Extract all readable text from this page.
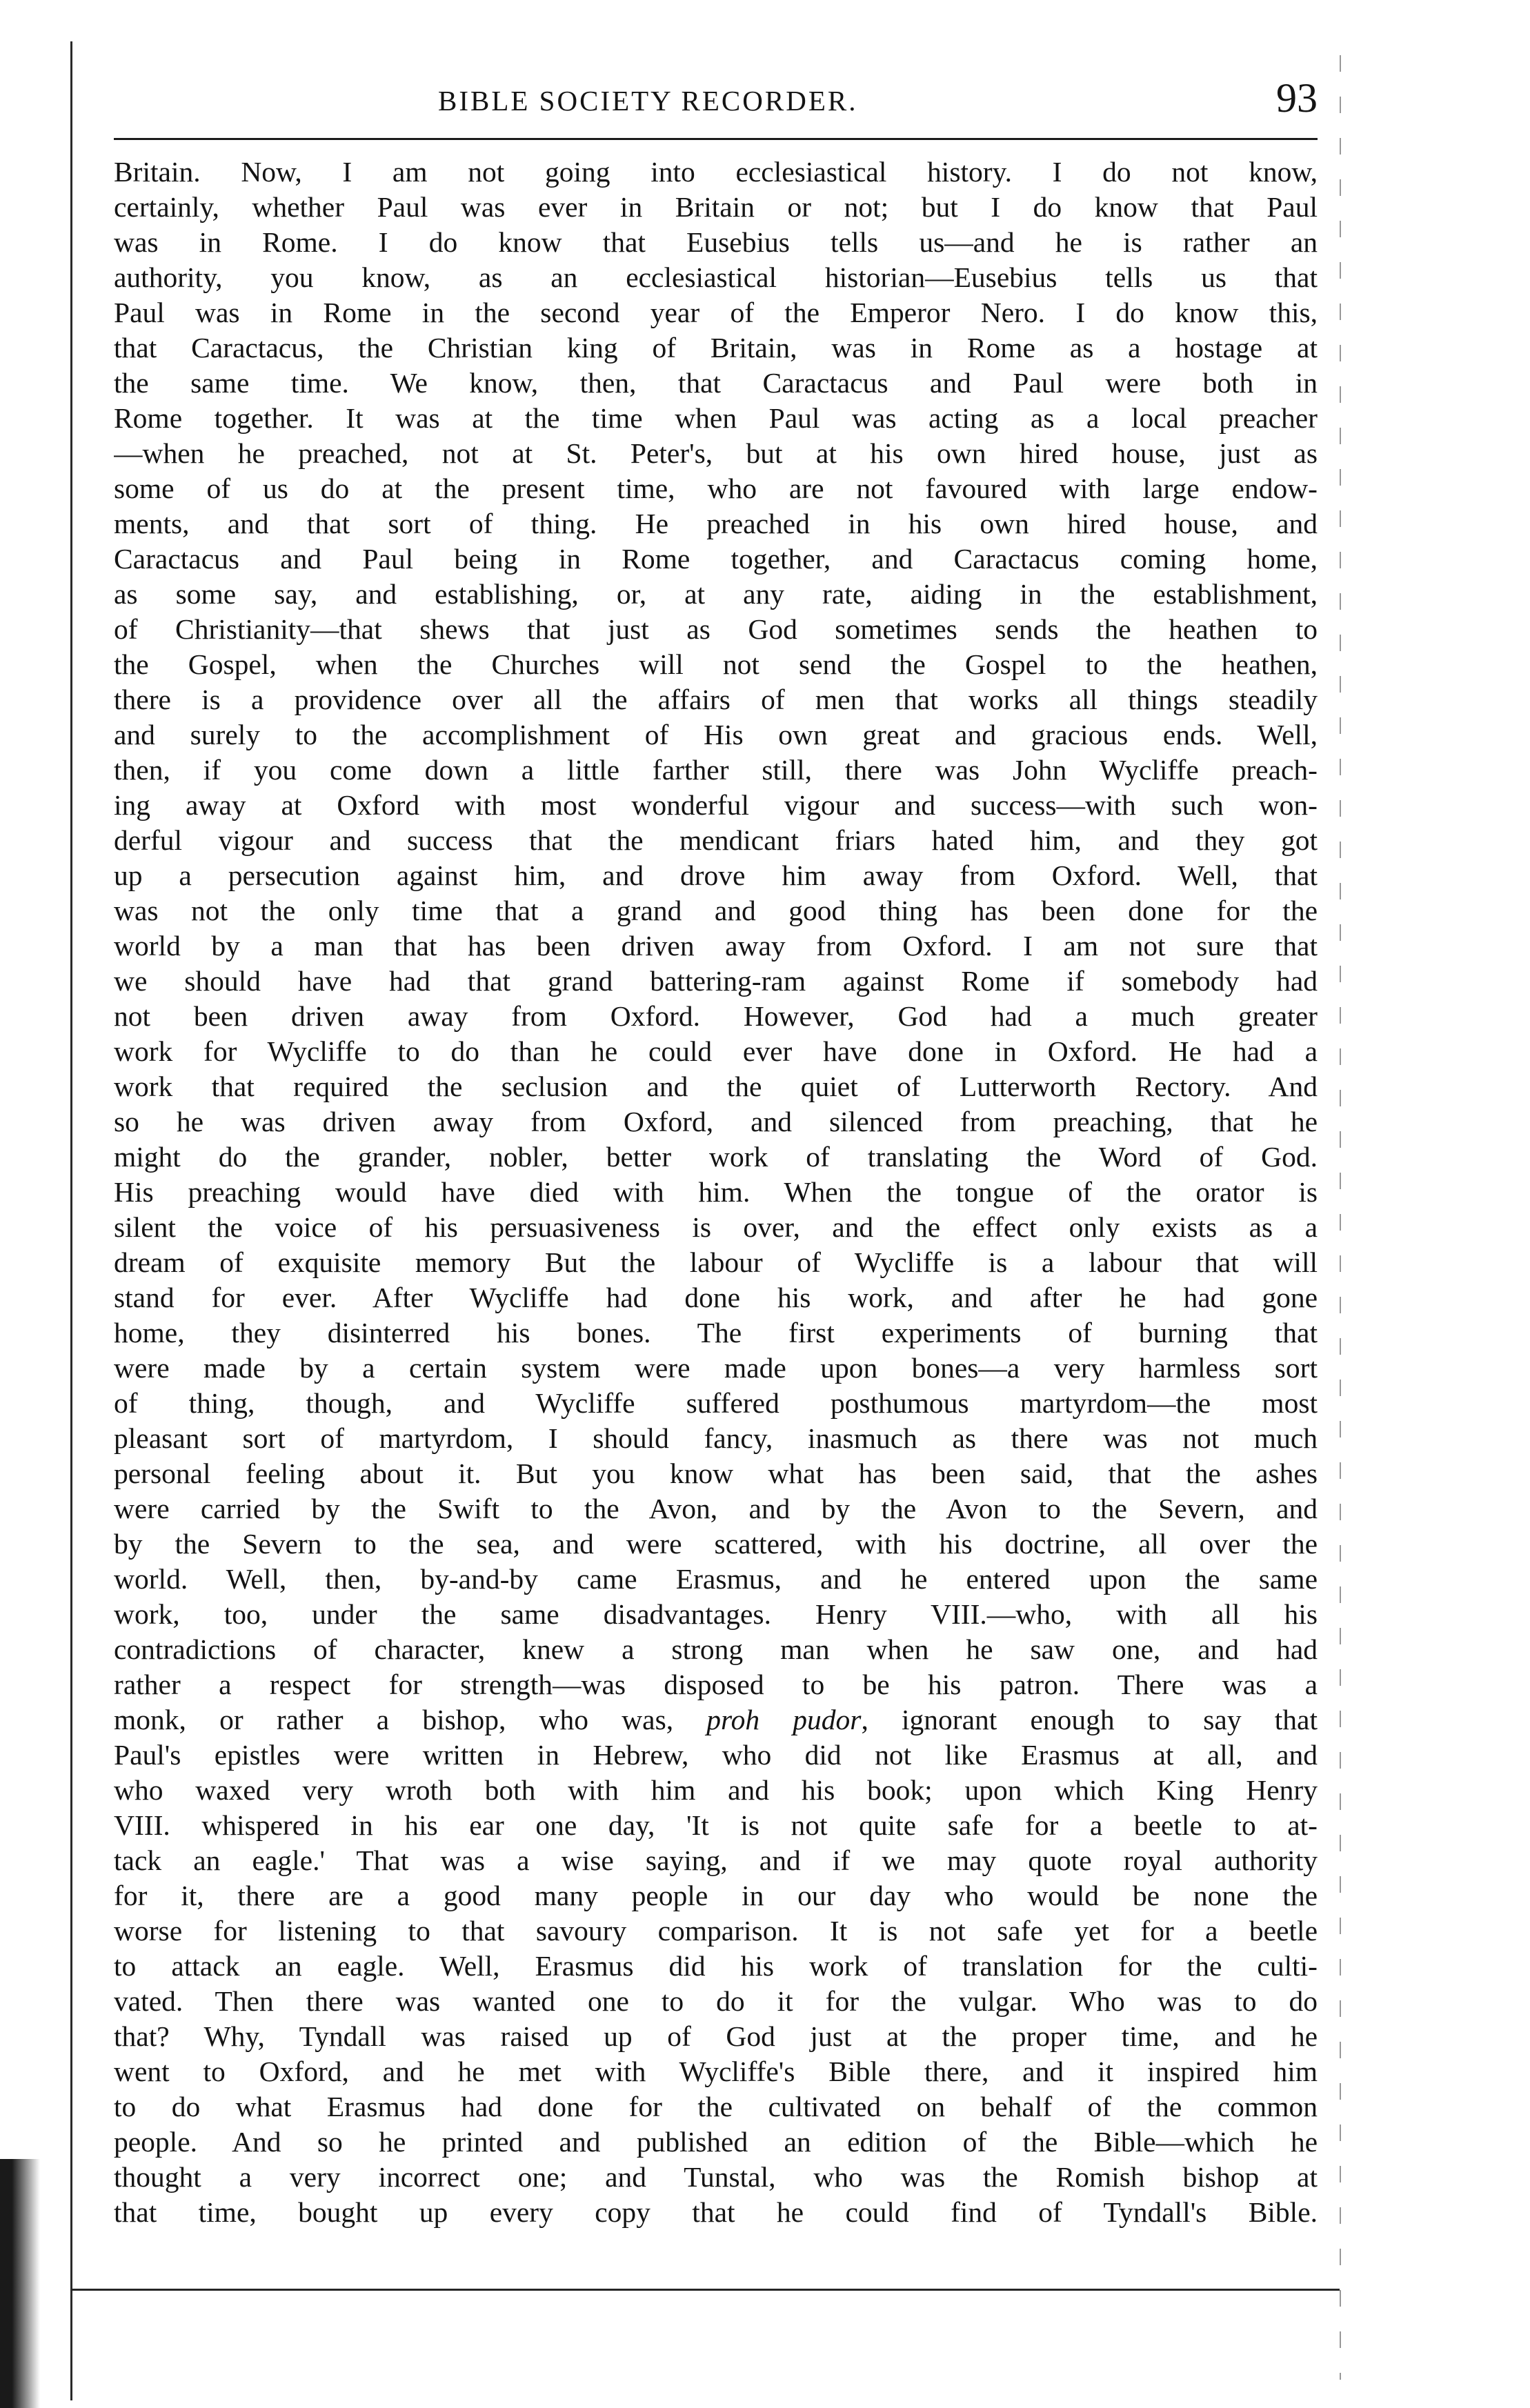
BIBLE SOCIETY RECORDER.	93
Britain. Now, I am not going into ecclesiastical history. I do not know,
certainly, whether Paul was ever in Britain or not; but I do know that Paul
was in Rome. I do know that Eusebius tells us—and he is rather an
authority, you know, as an ecclesiastical historian—Eusebius tells us that
Paul was in Rome in the second year of the Emperor Nero. I do know this,
that Caractacus, the Christian king of Britain, was in Rome as a hostage at
the same time. We know, then, that Caractacus and Paul were both in
Rome together. It was at the time when Paul was acting as a local preacher
—when he preached, not at St. Peter's, but at his own hired house, just as
some of us do at the present time, who are not favoured with large endow-
ments, and that sort of thing. He preached in his own hired house, and
Caractacus and Paul being in Rome together, and Caractacus coming home,
as some say, and establishing, or, at any rate, aiding in the establishment,
of Christianity—that shews that just as God sometimes sends the heathen to
the Gospel, when the Churches will not send the Gospel to the heathen,
there is a providence over all the affairs of men that works all things steadily
and surely to the accomplishment of His own great and gracious ends. Well,
then, if you come down a little farther still, there was John Wycliffe preach-
ing away at Oxford with most wonderful vigour and success—with such won-
derful vigour and success that the mendicant friars hated him, and they got
up a persecution against him, and drove him away from Oxford. Well, that
was not the only time that a grand and good thing has been done for the
world by a man that has been driven away from Oxford. I am not sure that
we should have had that grand battering-ram against Rome if somebody had
not been driven away from Oxford. However, God had a much greater
work for Wycliffe to do than he could ever have done in Oxford. He had a
work that required the seclusion and the quiet of Lutterworth Rectory. And
so he was driven away from Oxford, and silenced from preaching, that he
might do the grander, nobler, better work of translating the Word of God.
His preaching would have died with him. When the tongue of the orator is
silent the voice of his persuasiveness is over, and the effect only exists as a
dream of exquisite memory But the labour of Wycliffe is a labour that will
stand for ever. After Wycliffe had done his work, and after he had gone
home, they disinterred his bones. The first experiments of burning that
were made by a certain system were made upon bones—a very harmless sort
of thing, though, and Wycliffe suffered posthumous martyrdom—the most
pleasant sort of martyrdom, I should fancy, inasmuch as there was not much
personal feeling about it. But you know what has been said, that the ashes
were carried by the Swift to the Avon, and by the Avon to the Severn, and
by the Severn to the sea, and were scattered, with his doctrine, all over the
world. Well, then, by-and-by came Erasmus, and he entered upon the same
work, too, under the same disadvantages. Henry VIII.—who, with all his
contradictions of character, knew a strong man when he saw one, and had
rather a respect for strength—was disposed to be his patron. There was a
monk, or rather a bishop, who was, proh pudor, ignorant enough to say that
Paul's epistles were written in Hebrew, who did not like Erasmus at all, and
who waxed very wroth both with him and his book; upon which King Henry
VIII. whispered in his ear one day, 'It is not quite safe for a beetle to at-
tack an eagle.' That was a wise saying, and if we may quote royal authority
for it, there are a good many people in our day who would be none the
worse for listening to that savoury comparison. It is not safe yet for a beetle
to attack an eagle. Well, Erasmus did his work of translation for the culti-
vated. Then there was wanted one to do it for the vulgar. Who was to do
that? Why, Tyndall was raised up of God just at the proper time, and he
went to Oxford, and he met with Wycliffe's Bible there, and it inspired him
to do what Erasmus had done for the cultivated on behalf of the common
people. And so he printed and published an edition of the Bible—which he
thought a very incorrect one; and Tunstal, who was the Romish bishop at
that time, bought up every copy that he could find of Tyndall's Bible.
